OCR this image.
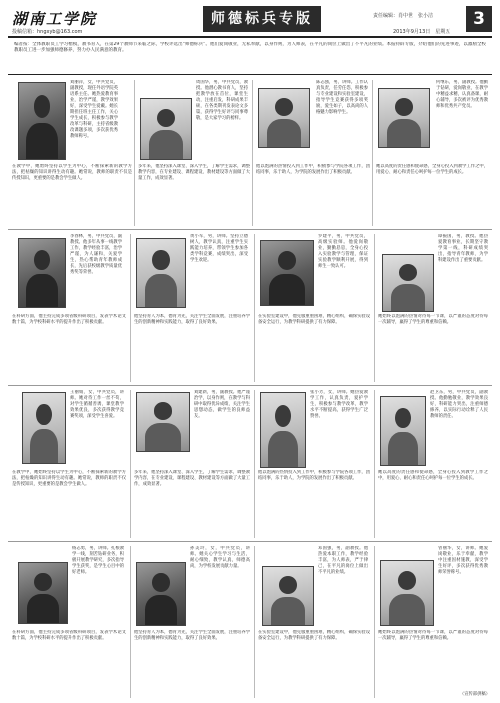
湖南工学院	师德标兵专版	责任编辑：肖中世　张小洁	3
投稿信箱：hngxyb@163.com	2013年9月13日　星期五
编者按：全体教职员工学习楷模，教书育人，在第29个教师节来临之际，学校评选出“师德标兵”。他们爱岗敬业，无私奉献，以身作则，为人师表，在平凡的岗位上做出了不平凡的业绩。本报特辟专版，介绍他们的先进事迹，以激励全校教职员工进一步加强师德修养，努力办人民满意的教育。
刘丽萍，女，中共党员，副教授，现任外语学院英语系主任。她热爱教育事业，治学严谨，教学效果好，深受学生爱戴。她长期担任班主任工作，关心学生成长，积极参与教学改革与科研，主持省级教改课题多项，多次获优秀教师称号。
在教学中，她始终坚持以学生为中心，不断探索新的教学方法，把枯燥的知识讲得生动有趣。她常说，教师的职责不仅是传授知识，更重要的是教会学生做人。
周国华，男，中共党员，教授。他潜心教书育人，坚持把教学放在首位，课堂生动，注重启发，科研成果丰硕，在各类期刊发表论文多篇，获得学生好评与同事尊敬，是大家学习的榜样。
多年来，他坚持深入课堂、深入学生，了解学生需求，调整教学内容，在专业建设、课程建设、教材建设等方面做了大量工作，成效显著。
陈志强，男，讲师。工作认真负责，任劳任怨，积极参与专业建设和实验室建设，指导学生竞赛获得多项奖励，爱生如子，以高尚的人格魅力影响学生。
他以饱满的热情投入到工作中，积极参与学院各项工作，团结同事，乐于助人，为学院的发展作出了积极贡献。
何继东，男，副教授。他勤于钻研，爱岗敬业，在教学中精益求精，认真备课，耐心辅导，多次被评为优秀教师和优秀共产党员。
她以高度的责任感和使命感，全身心投入到教学工作之中，用爱心、耐心和责任心呵护每一位学生的成长。
李春林，男，中共党员，副教授。他多年从事一线教学工作，教学经验丰富，治学严谨，为人谦和，关爱学生，热心帮助青年教师成长，先后获校级教学质量优秀奖等荣誉。
在科研方面，他主持完成多项省级科研项目，发表学术论文数十篇，为学校科研水平的提升作出了积极贡献。
黄小军，男，讲师。坚持立德树人，教学认真，注重学生实践能力培养，带领学生参加各类学科竞赛，成绩突出，深受学生欢迎。
他坚持育人为本，德育为先，关注学生全面发展，注重培养学生的创新精神和实践能力，取得了良好效果。
罗建平，男，中共党员，高级实验师。他爱岗敬业，勤勤恳恳，全身心投入实验教学与管理，保证实验教学顺利开展，得到师生一致认可。
在实验室建设中，他克服重重困难，精心组织，确保实验设备安全运行，为教学科研提供了有力保障。
谭振国，男，教授。他热爱教育事业，长期坚守教学第一线，科研成绩突出，指导青年教师，为学科建设作出了重要贡献。
她始终以饱满的热情对待每一节课，以严谨的态度对待每一次辅导，赢得了学生的尊重和信赖。
王丽娟，女，中共党员，讲师。她对待工作一丝不苟，对学生循循善诱，课堂教学效果优良，多次获得教学竞赛奖项，深受学生喜爱。
在教学中，她始终坚持以学生为中心，不断探索新的教学方法，把枯燥的知识讲得生动有趣。她常说，教师的职责不仅是传授知识，更重要的是教会学生做人。
刘建新，男，副教授。他严谨治学，以身作则，在教学与科研中取得优异成绩，关注学生思想动态，做学生的良师益友。
多年来，他坚持深入课堂、深入学生，了解学生需求，调整教学内容，在专业建设、课程建设、教材建设等方面做了大量工作，成效显著。
张小芳，女，讲师。她热爱教学工作，认真负责，爱护学生，积极参与教学改革，教学水平不断提高，获得学生广泛赞誉。
他以饱满的热情投入到工作中，积极参与学院各项工作，团结同事，乐于助人，为学院的发展作出了积极贡献。
赵卫东，男，中共党员，副教授。他勤勉敬业，教学效果良好，科研能力突出，注重师德修养，以实际行动诠释了人民教师的责任。
她以高度的责任感和使命感，全身心投入到教学工作之中，用爱心、耐心和责任心呵护每一位学生的成长。
杨志勇，男，讲师。扎根教学一线，刻苦钻研业务，积极开展教学研究，多次指导学生获奖，是学生心目中的好老师。
在科研方面，他主持完成多项省级科研项目，发表学术论文数十篇，为学校科研水平的提升作出了积极贡献。
孙美玲，女，中共党员，讲师。她关心学生学习与生活，耐心细致，教学认真，师德高尚，为学校发展贡献力量。
他坚持育人为本，德育为先，关注学生全面发展，注重培养学生的创新精神和实践能力，取得了良好效果。
邓国强，男，副教授。他热爱本职工作，教学经验丰富，为人师表，严于律己，在平凡的岗位上做出不平凡的业绩。
在实验室建设中，他克服重重困难，精心组织，确保实验设备安全运行，为教学科研提供了有力保障。
曾丽华，女，讲师。她爱岗敬业，乐于奉献，教学中注重因材施教，深受学生好评，多次获得优秀教师荣誉称号。
她始终以饱满的热情对待每一节课，以严谨的态度对待每一次辅导，赢得了学生的尊重和信赖。
（宣传部供稿）
